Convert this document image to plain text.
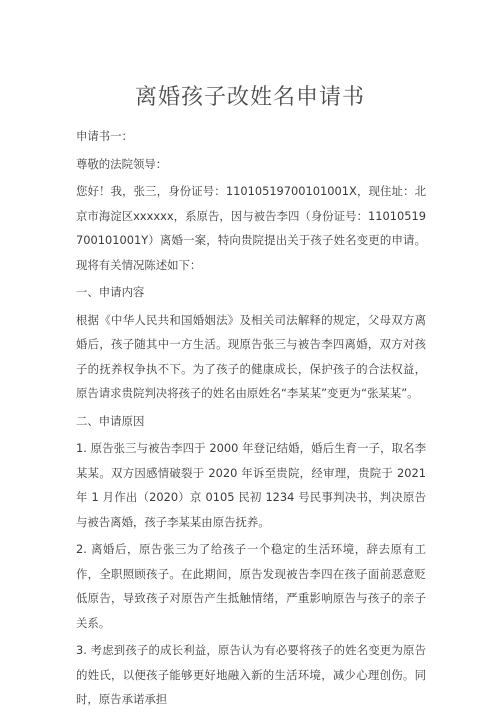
离婚孩子改姓名申请书

申请书一：

尊敬的法院领导：

您好！我，张三，身份证号：11010519700101001X，现住址：北京市海淀区xxxxxx，系原告，因与被告李四（身份证号：11010519700101001Y）离婚一案，特向贵院提出关于孩子姓名变更的申请。现将有关情况陈述如下：

一、申请内容

根据《中华人民共和国婚姻法》及相关司法解释的规定，父母双方离婚后，孩子随其中一方生活。现原告张三与被告李四离婚，双方对孩子的抚养权争执不下。为了孩子的健康成长，保护孩子的合法权益，原告请求贵院判决将孩子的姓名由原姓名“李某某”变更为“张某某”。

二、申请原因

1. 原告张三与被告李四于 2000 年登记结婚，婚后生育一子，取名李某某。双方因感情破裂于 2020 年诉至贵院，经审理，贵院于 2021 年 1 月作出（2020）京 0105 民初 1234 号民事判决书，判决原告与被告离婚，孩子李某某由原告抚养。

2. 离婚后，原告张三为了给孩子一个稳定的生活环境，辞去原有工作，全职照顾孩子。在此期间，原告发现被告李四在孩子面前恶意贬低原告，导致孩子对原告产生抵触情绪，严重影响原告与孩子的亲子关系。

3. 考虑到孩子的成长利益，原告认为有必要将孩子的姓名变更为原告的姓氏，以便孩子能够更好地融入新的生活环境，减少心理创伤。同时，原告承诺承担
